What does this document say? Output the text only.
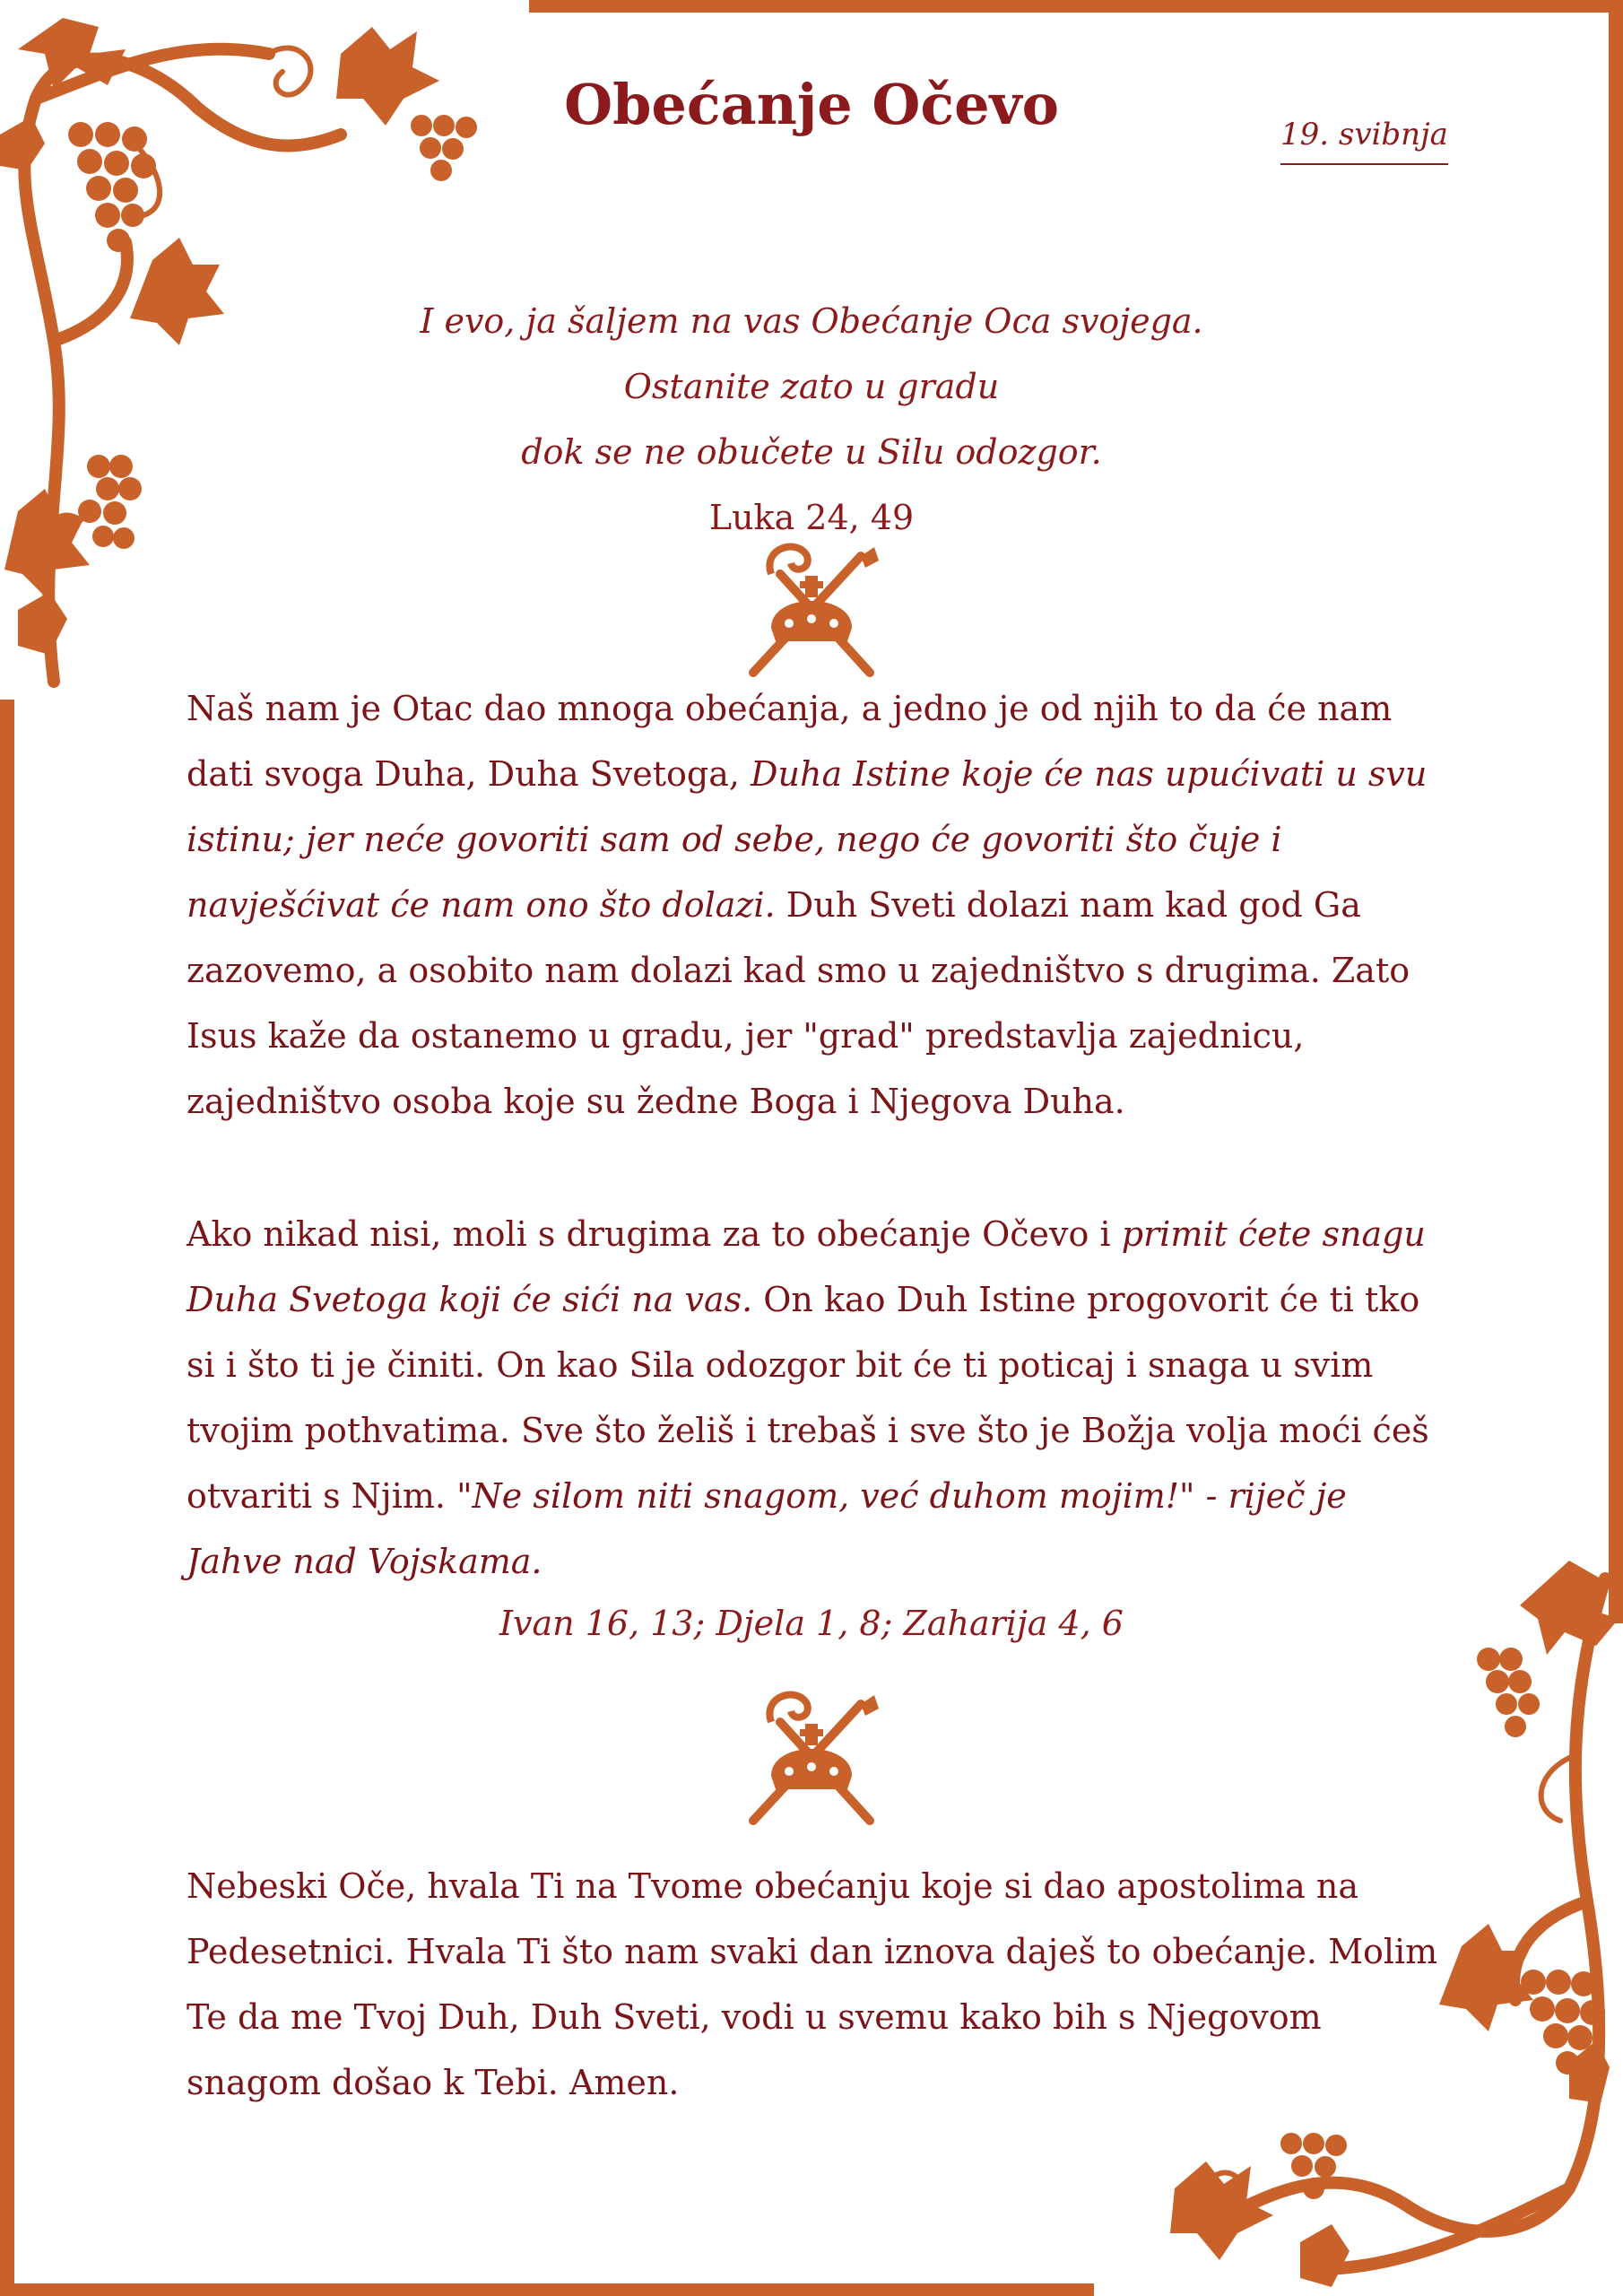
Obećanje Očevo	19. svibnja
I evo, ja šaljem na vas Obećanje Oca svojega.
Ostanite zato u gradu
dok se ne obučete u Silu odozgor.
Luka 24, 49

Naš nam je Otac dao mnoga obećanja, a jedno je od njih to da će nam dati svoga Duha, Duha Svetoga, Duha Istine koje će nas upućivati u svu istinu; jer neće govoriti sam od sebe, nego će govoriti što čuje i navješćivat će nam ono što dolazi. Duh Sveti dolazi nam kad god Ga zazovemo, a osobito nam dolazi kad smo u zajedništvo s drugima. Zato Isus kaže da ostanemo u gradu, jer "grad" predstavlja zajednicu, zajedništvo osoba koje su žedne Boga i Njegova Duha.

Ako nikad nisi, moli s drugima za to obećanje Očevo i primit ćete snagu Duha Svetoga koji će sići na vas. On kao Duh Istine progovorit će ti tko si i što ti je činiti. On kao Sila odozgor bit će ti poticaj i snaga u svim tvojim pothvatima. Sve što želiš i trebaš i sve što je Božja volja moći ćeš otvariti s Njim. "Ne silom niti snagom, već duhom mojim!" - riječ je Jahve nad Vojskama.

Ivan 16, 13; Djela 1, 8; Zaharija 4, 6

Nebeski Oče, hvala Ti na Tvome obećanju koje si dao apostolima na Pedesetnici. Hvala Ti što nam svaki dan iznova daješ to obećanje. Molim Te da me Tvoj Duh, Duh Sveti, vodi u svemu kako bih s Njegovom snagom došao k Tebi. Amen.
